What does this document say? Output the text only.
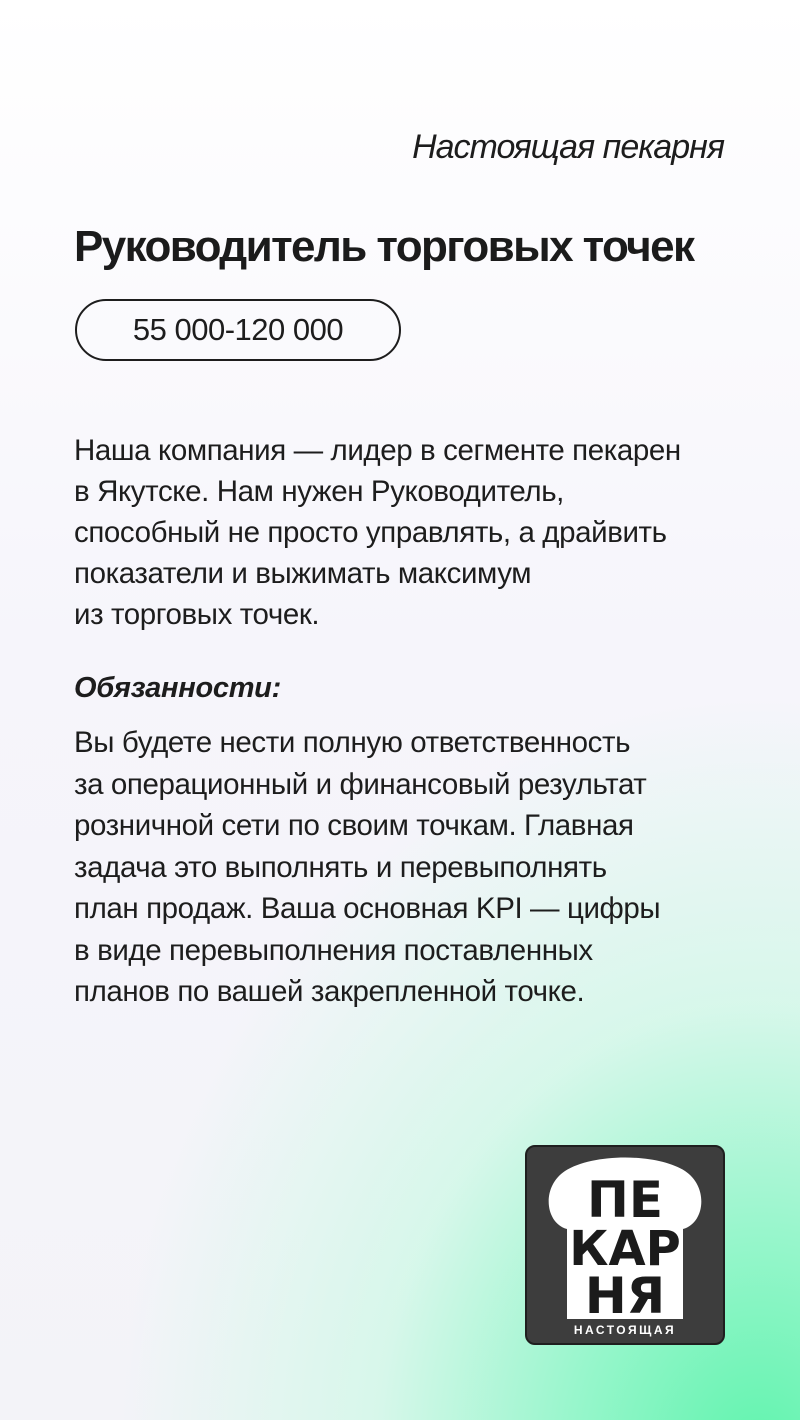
Настоящая пекарня
Руководитель торговых точек
55 000-120 000

Наша компания — лидер в сегменте пекарен
в Якутске. Нам нужен Руководитель,
способный не просто управлять, а драйвить
показатели и выжимать максимум
из торговых точек.

Обязанности:

Вы будете нести полную ответственность
за операционный и финансовый результат
розничной сети по своим точкам. Главная
задача это выполнять и перевыполнять
план продаж. Ваша основная KPI — цифры
в виде перевыполнения поставленных
планов по вашей закрепленной точке.

ПЕ
КАР
НЯ
НАСТОЯЩАЯ
